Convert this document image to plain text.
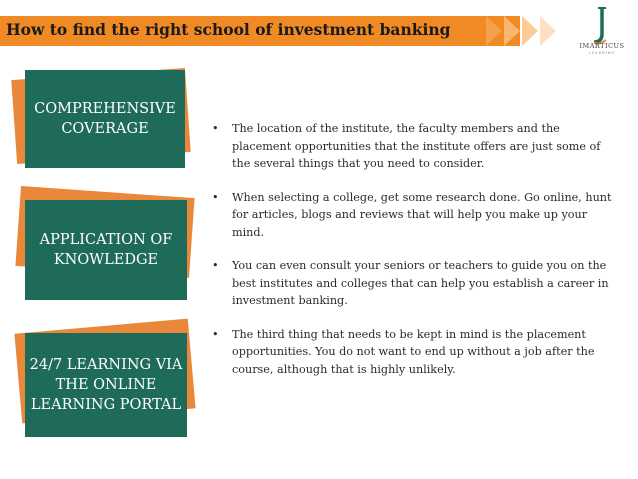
How to find the right school of investment banking
IMARTICUS
LEARNING
COMPREHENSIVE COVERAGE
APPLICATION OF KNOWLEDGE
24/7 LEARNING VIA THE ONLINE LEARNING PORTAL
• The location of the institute, the faculty members and the placement opportunities that the institute offers are just some of the several things that you need to consider.
• When selecting a college, get some research done. Go online, hunt for articles, blogs and reviews that will help you make up your mind.
• You can even consult your seniors or teachers to guide you on the best institutes and colleges that can help you establish a career in investment banking.
• The third thing that needs to be kept in mind is the placement opportunities. You do not want to end up without a job after the course, although that is highly unlikely.
